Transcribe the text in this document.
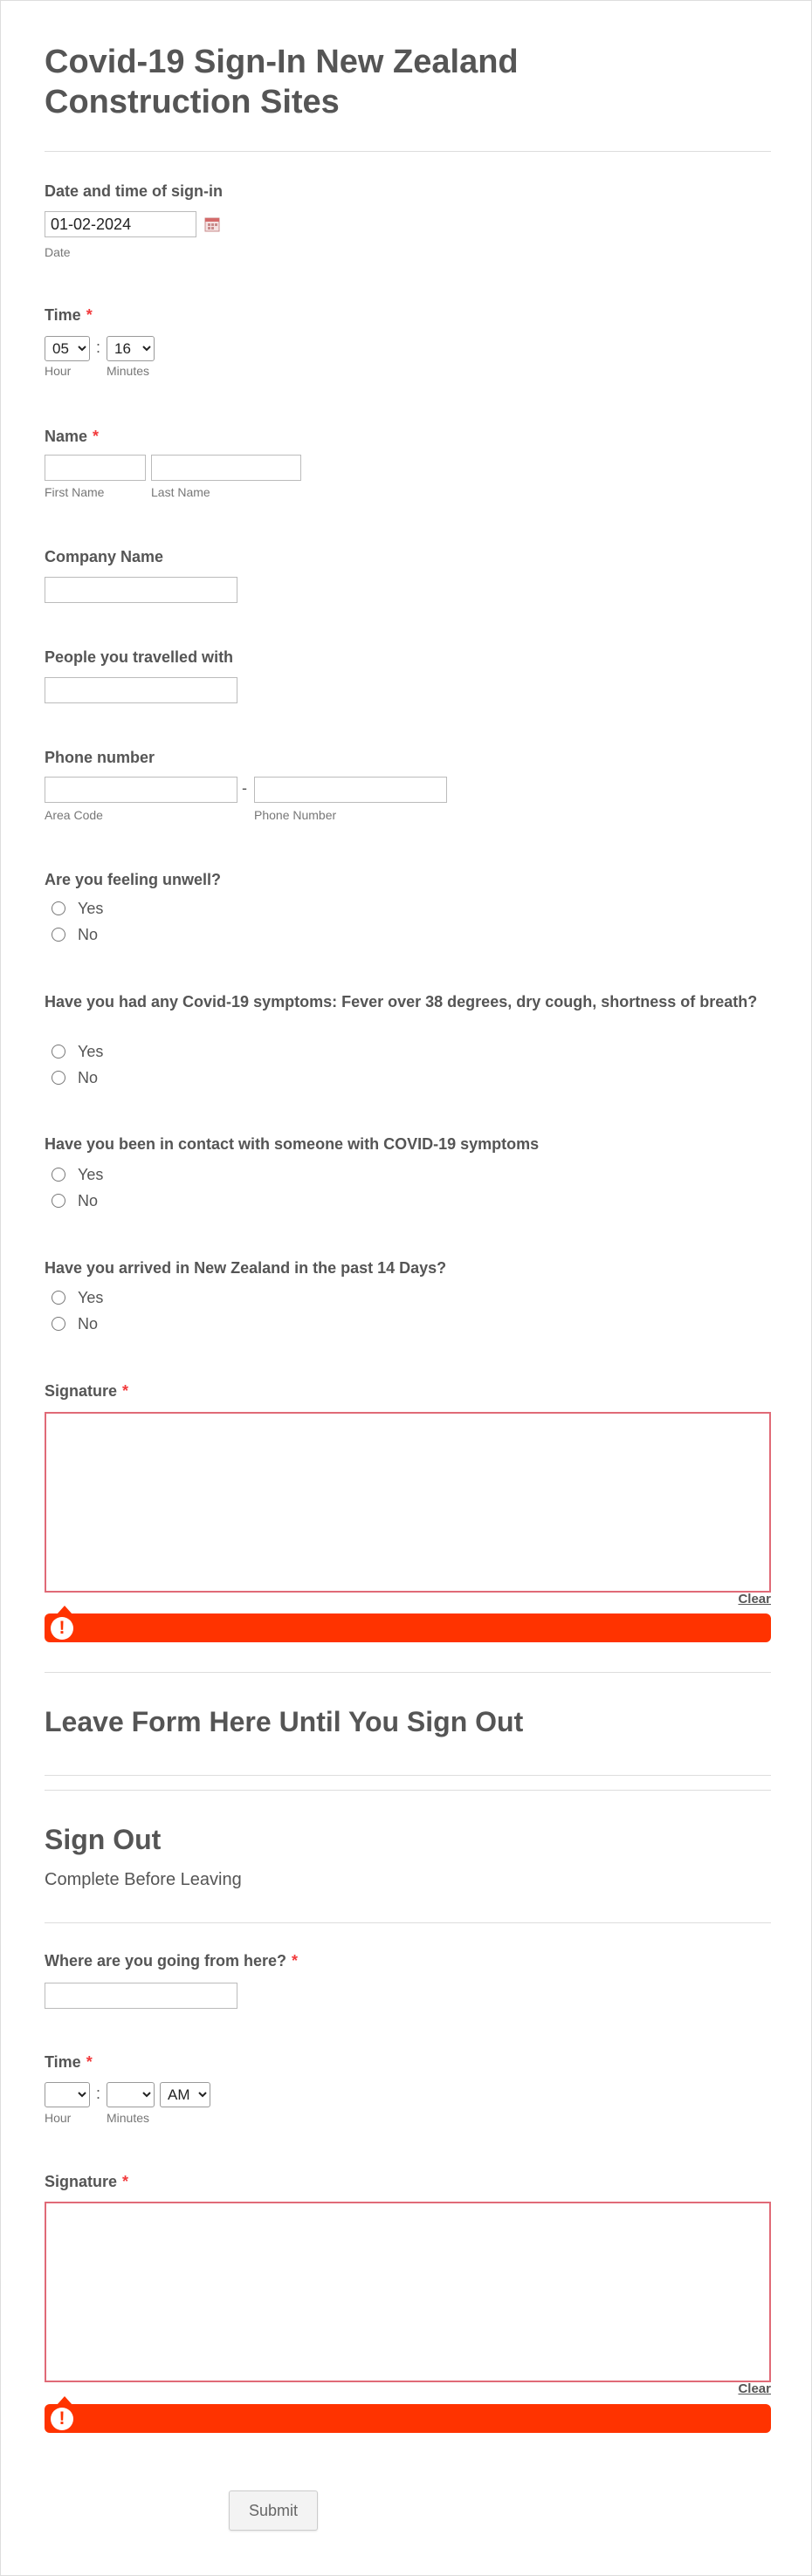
Covid-19 Sign-In New Zealand Construction Sites
Date and time of sign-in
01-02-2024
Date
Time *
05
:
16
Hour	Minutes
Name *
First Name	Last Name
Company Name
People you travelled with
Phone number
-
Area Code	Phone Number
Are you feeling unwell?
Yes
No
Have you had any Covid-19 symptoms: Fever over 38 degrees, dry cough, shortness of breath?
Yes
No
Have you been in contact with someone with COVID-19 symptoms
Yes
No
Have you arrived in New Zealand in the past 14 Days?
Yes
No
Signature *
Clear
!
Leave Form Here Until You Sign Out
Sign Out
Complete Before Leaving
Where are you going from here? *
Time *
:
AM
Hour	Minutes
Signature *
Clear
!
Submit
